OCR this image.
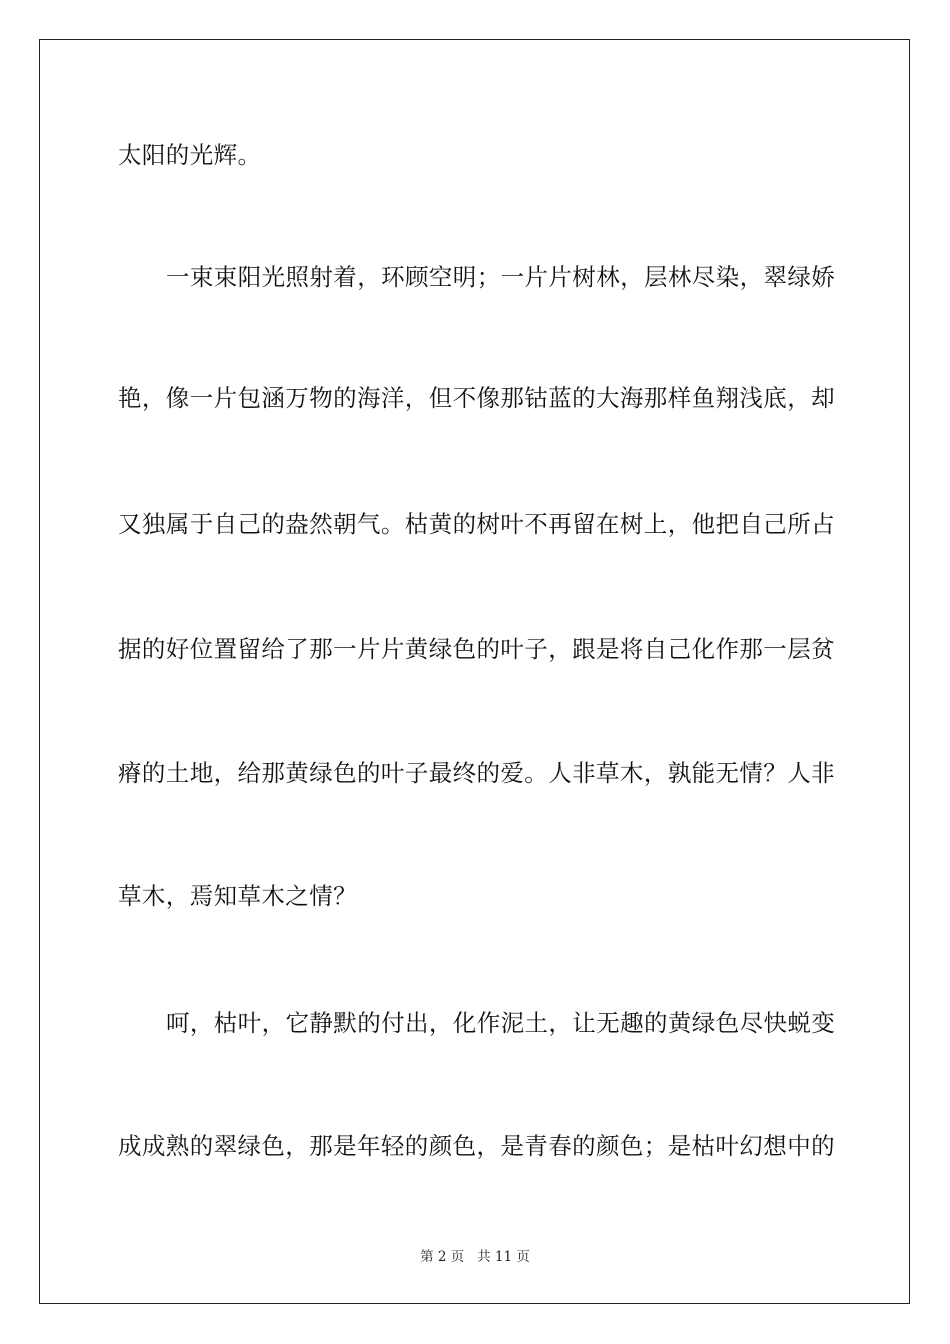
太阳的光辉。
一束束阳光照射着，环顾空明；一片片树林，层林尽染，翠绿娇
艳，像一片包涵万物的海洋，但不像那钴蓝的大海那样鱼翔浅底，却
又独属于自己的盎然朝气。枯黄的树叶不再留在树上，他把自己所占
据的好位置留给了那一片片黄绿色的叶子，跟是将自己化作那一层贫
瘠的土地，给那黄绿色的叶子最终的爱。人非草木，孰能无情？人非
草木，焉知草木之情？
呵，枯叶，它静默的付出，化作泥土，让无趣的黄绿色尽快蜕变
成成熟的翠绿色，那是年轻的颜色，是青春的颜色；是枯叶幻想中的
第 2 页 共 11 页
